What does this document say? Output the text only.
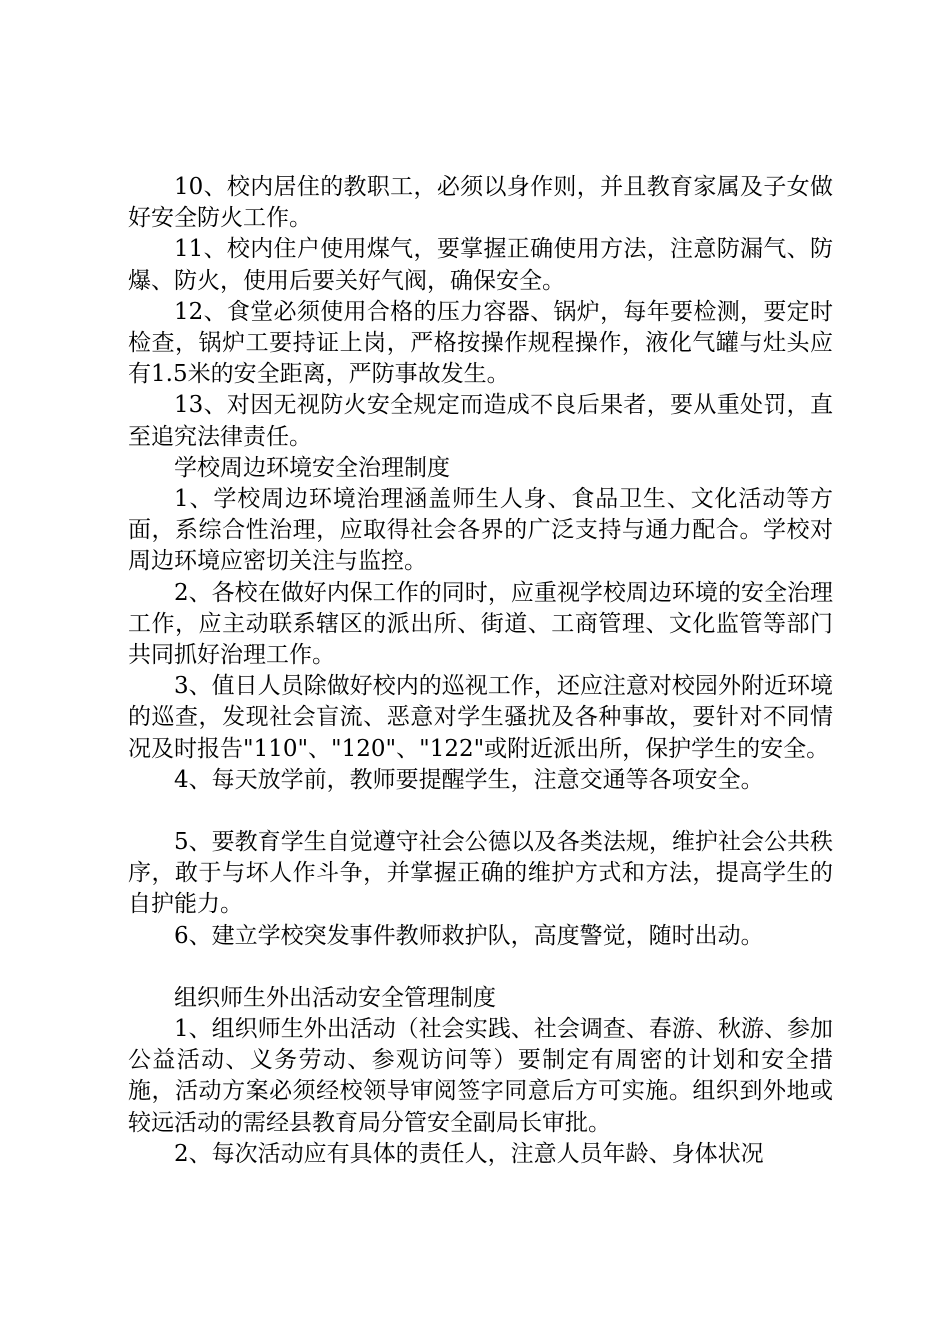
10、校内居住的教职工，必须以身作则，并且教育家属及子女做好安全防火工作。

11、校内住户使用煤气，要掌握正确使用方法，注意防漏气、防爆、防火，使用后要关好气阀，确保安全。

12、食堂必须使用合格的压力容器、锅炉，每年要检测，要定时检查，锅炉工要持证上岗，严格按操作规程操作，液化气罐与灶头应有1.5米的安全距离，严防事故发生。

13、对因无视防火安全规定而造成不良后果者，要从重处罚，直至追究法律责任。

学校周边环境安全治理制度

1、学校周边环境治理涵盖师生人身、食品卫生、文化活动等方面，系综合性治理，应取得社会各界的广泛支持与通力配合。学校对周边环境应密切关注与监控。

2、各校在做好内保工作的同时，应重视学校周边环境的安全治理工作，应主动联系辖区的派出所、街道、工商管理、文化监管等部门共同抓好治理工作。

3、值日人员除做好校内的巡视工作，还应注意对校园外附近环境的巡查，发现社会盲流、恶意对学生骚扰及各种事故，要针对不同情况及时报告"110"、"120"、"122"或附近派出所，保护学生的安全。

4、每天放学前，教师要提醒学生，注意交通等各项安全。

5、要教育学生自觉遵守社会公德以及各类法规，维护社会公共秩序，敢于与坏人作斗争，并掌握正确的维护方式和方法，提高学生的自护能力。

6、建立学校突发事件教师救护队，高度警觉，随时出动。

组织师生外出活动安全管理制度

1、组织师生外出活动（社会实践、社会调查、春游、秋游、参加公益活动、义务劳动、参观访问等）要制定有周密的计划和安全措施，活动方案必须经校领导审阅签字同意后方可实施。组织到外地或较远活动的需经县教育局分管安全副局长审批。

2、每次活动应有具体的责任人，注意人员年龄、身体状况
